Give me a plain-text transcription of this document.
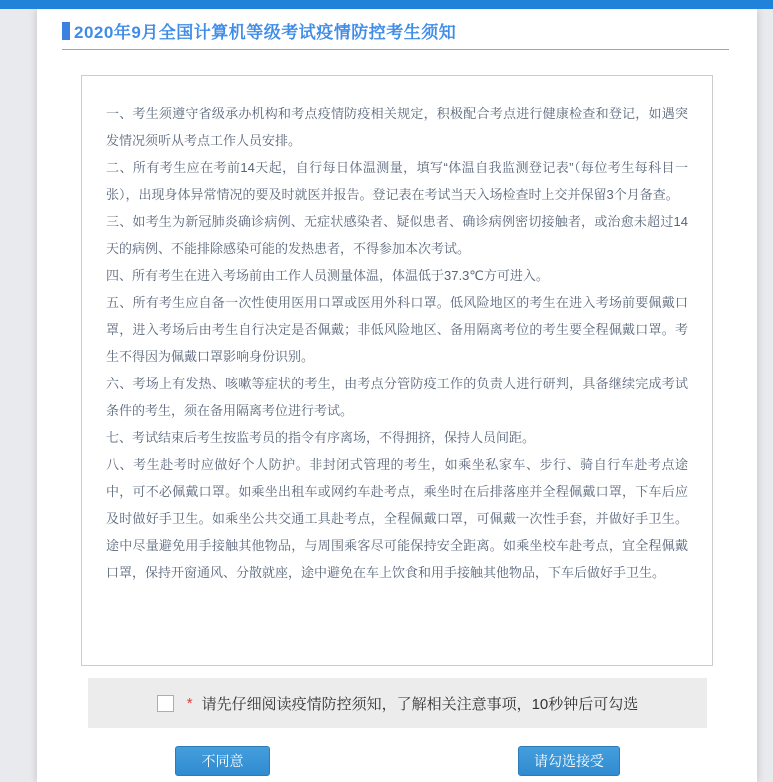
2020年9月全国计算机等级考试疫情防控考生须知

一、考生须遵守省级承办机构和考点疫情防疫相关规定，积极配合考点进行健康检查和登记，如遇突发情况须听从考点工作人员安排。

二、所有考生应在考前14天起，自行每日体温测量，填写“体温自我监测登记表”（每位考生每科目一张），出现身体异常情况的要及时就医并报告。登记表在考试当天入场检查时上交并保留3个月备查。

三、如考生为新冠肺炎确诊病例、无症状感染者、疑似患者、确诊病例密切接触者，或治愈未超过14天的病例、不能排除感染可能的发热患者，不得参加本次考试。

四、所有考生在进入考场前由工作人员测量体温，体温低于37.3℃方可进入。

五、所有考生应自备一次性使用医用口罩或医用外科口罩。低风险地区的考生在进入考场前要佩戴口罩，进入考场后由考生自行决定是否佩戴；非低风险地区、备用隔离考位的考生要全程佩戴口罩。考生不得因为佩戴口罩影响身份识别。

六、考场上有发热、咳嗽等症状的考生，由考点分管防疫工作的负责人进行研判，具备继续完成考试条件的考生，须在备用隔离考位进行考试。

七、考试结束后考生按监考员的指令有序离场，不得拥挤，保持人员间距。

八、考生赴考时应做好个人防护。非封闭式管理的考生，如乘坐私家车、步行、骑自行车赴考点途中，可不必佩戴口罩。如乘坐出租车或网约车赴考点，乘坐时在后排落座并全程佩戴口罩，下车后应及时做好手卫生。如乘坐公共交通工具赴考点，全程佩戴口罩，可佩戴一次性手套，并做好手卫生。途中尽量避免用手接触其他物品，与周围乘客尽可能保持安全距离。如乘坐校车赴考点，宜全程佩戴口罩，保持开窗通风、分散就座，途中避免在车上饮食和用手接触其他物品，下车后做好手卫生。

* 请先仔细阅读疫情防控须知，了解相关注意事项，10秒钟后可勾选
不同意	请勾选接受
